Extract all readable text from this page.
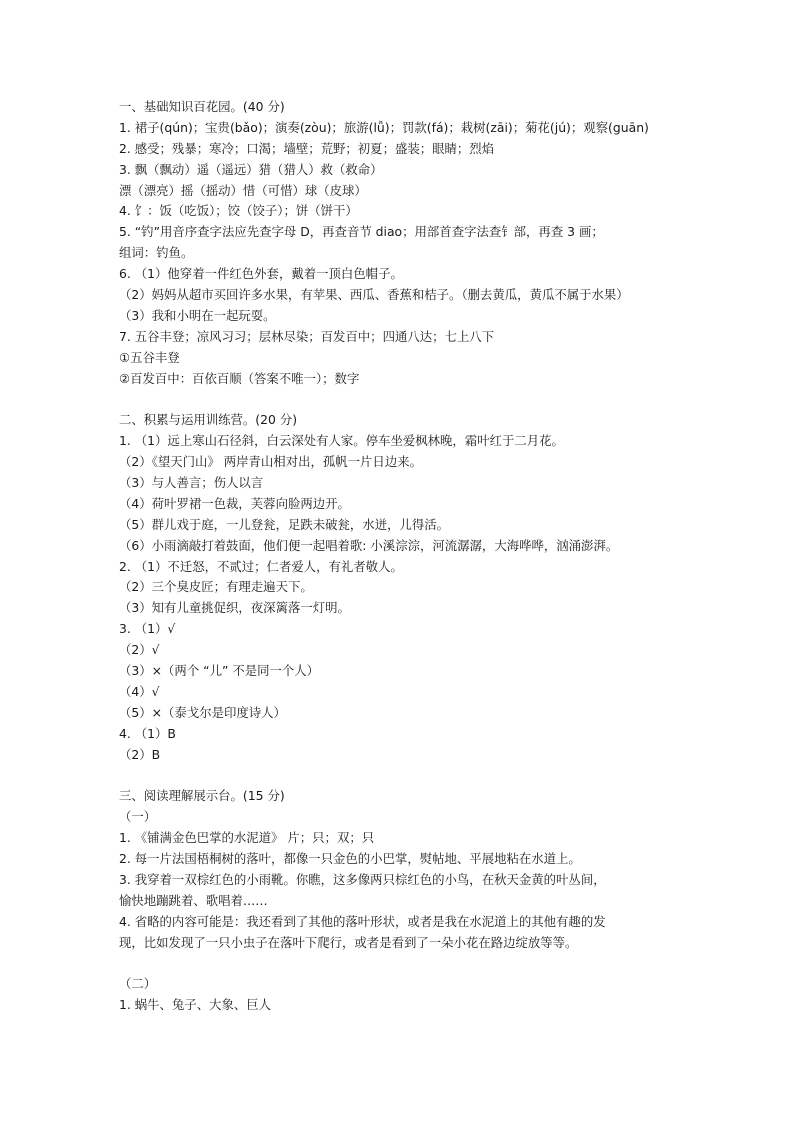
一、基础知识百花园。(40 分)
1. 裙子(qún)；宝贵(bǎo)；演奏(zòu)；旅游(lǚ)；罚款(fá)；栽树(zāi)；菊花(jú)；观察(guān)
2. 感受；残暴；寒冷；口渴；墙壁；荒野；初夏；盛装；眼睛；烈焰
3. 飘（飘动）遥（遥远）猎（猎人）救（救命）
漂（漂亮）摇（摇动）惜（可惜）球（皮球）
4. 饣：饭（吃饭）；饺（饺子）；饼（饼干）
5. “钓”用音序查字法应先查字母 D，再查音节 diao；用部首查字法查钅部，再查 3 画；
组词：钓鱼。
6. （1）他穿着一件红色外套，戴着一顶白色帽子。
（2）妈妈从超市买回许多水果，有苹果、西瓜、香蕉和桔子。（删去黄瓜，黄瓜不属于水果）
（3）我和小明在一起玩耍。
7. 五谷丰登；凉风习习；层林尽染；百发百中；四通八达；七上八下
①五谷丰登
②百发百中：百依百顺（答案不唯一）；数字
二、积累与运用训练营。(20 分)
1. （1）远上寒山石径斜，白云深处有人家。停车坐爱枫林晚，霜叶红于二月花。
（2）《望天门山》 两岸青山相对出，孤帆一片日边来。
（3）与人善言；伤人以言
（4）荷叶罗裙一色裁，芙蓉向脸两边开。
（5）群儿戏于庭，一儿登瓮，足跌未破瓮，水迸，儿得活。
（6）小雨滴敲打着鼓面，他们便一起唱着歌: 小溪淙淙，河流潺潺，大海哗哗，汹涌澎湃。
2. （1）不迁怒，不贰过；仁者爱人，有礼者敬人。
（2）三个臭皮匠；有理走遍天下。
（3）知有儿童挑促织，夜深篱落一灯明。
3. （1）√
（2）√
（3）×（两个 “儿” 不是同一个人）
（4）√
（5）×（泰戈尔是印度诗人）
4. （1）B
（2）B
三、阅读理解展示台。(15 分)
（一）
1. 《铺满金色巴掌的水泥道》 片；只；双；只
2. 每一片法国梧桐树的落叶，都像一只金色的小巴掌，熨帖地、平展地粘在水道上。
3. 我穿着一双棕红色的小雨靴。你瞧，这多像两只棕红色的小鸟，在秋天金黄的叶丛间，
愉快地蹦跳着、歌唱着……
4. 省略的内容可能是：我还看到了其他的落叶形状，或者是我在水泥道上的其他有趣的发
现，比如发现了一只小虫子在落叶下爬行，或者是看到了一朵小花在路边绽放等等。
（二）
1. 蜗牛、兔子、大象、巨人
